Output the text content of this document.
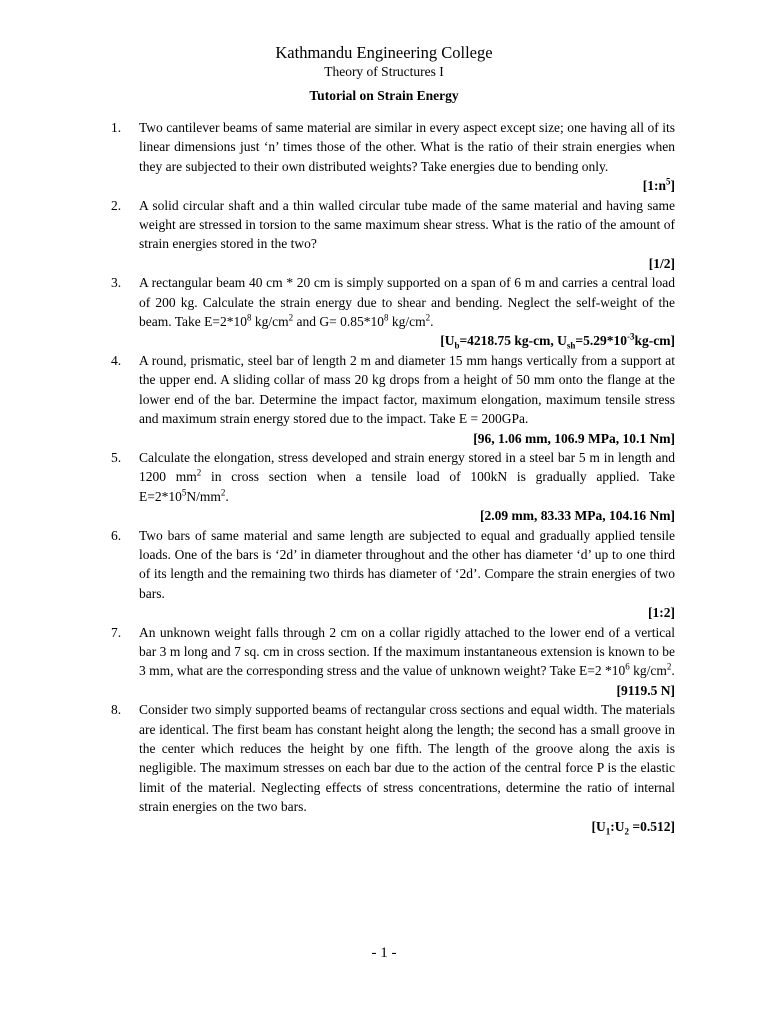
Kathmandu Engineering College
Theory of Structures I
Tutorial on Strain Energy
1. Two cantilever beams of same material are similar in every aspect except size; one having all of its linear dimensions just ‘n’ times those of the other. What is the ratio of their strain energies when they are subjected to their own distributed weights? Take energies due to bending only.
$[1:n^5]$
2. A solid circular shaft and a thin walled circular tube made of the same material and having same weight are stressed in torsion to the same maximum shear stress. What is the ratio of the amount of strain energies stored in the two?
[1/2]
3. A rectangular beam 40 cm * 20 cm is simply supported on a span of 6 m and carries a central load of 200 kg. Calculate the strain energy due to shear and bending. Neglect the self-weight of the beam. Take $E=2*10^8$ $kg/cm^2$ and $G= 0.85*10^8$ $kg/cm^2$.
[$U_b=4218.75$ kg-cm, $U_{sh}=5.29*10^{-3}kg-cm$]
4. A round, prismatic, steel bar of length 2 m and diameter 15 mm hangs vertically from a support at the upper end. A sliding collar of mass 20 kg drops from a height of 50 mm onto the flange at the lower end of the bar. Determine the impact factor, maximum elongation, maximum tensile stress and maximum strain energy stored due to the impact. Take E = 200GPa.
[96, 1.06 mm, 106.9 MPa, 10.1 Nm]
5. Calculate the elongation, stress developed and strain energy stored in a steel bar 5 m in length and 1200 $mm^2$ in cross section when a tensile load of 100kN is gradually applied. Take $E=2*10^5N/mm^2$.
[2.09 mm, 83.33 MPa, 104.16 Nm]
6. Two bars of same material and same length are subjected to equal and gradually applied tensile loads. One of the bars is ‘2d’ in diameter throughout and the other has diameter ‘d’ up to one third of its length and the remaining two thirds has diameter of ‘2d’. Compare the strain energies of two bars.
[1:2]
7. An unknown weight falls through 2 cm on a collar rigidly attached to the lower end of a vertical bar 3 m long and 7 sq. cm in cross section. If the maximum instantaneous extension is known to be 3 mm, what are the corresponding stress and the value of unknown weight? Take E=2 $*10^6$ $kg/cm^2$.
[9119.5 N]
8. Consider two simply supported beams of rectangular cross sections and equal width. The materials are identical. The first beam has constant height along the length; the second has a small groove in the center which reduces the height by one fifth. The length of the groove along the axis is negligible. The maximum stresses on each bar due to the action of the central force P is the elastic limit of the material. Neglecting effects of stress concentrations, determine the ratio of internal strain energies on the two bars.
$[U_1:U_2 =0.512]$
- 1 -
